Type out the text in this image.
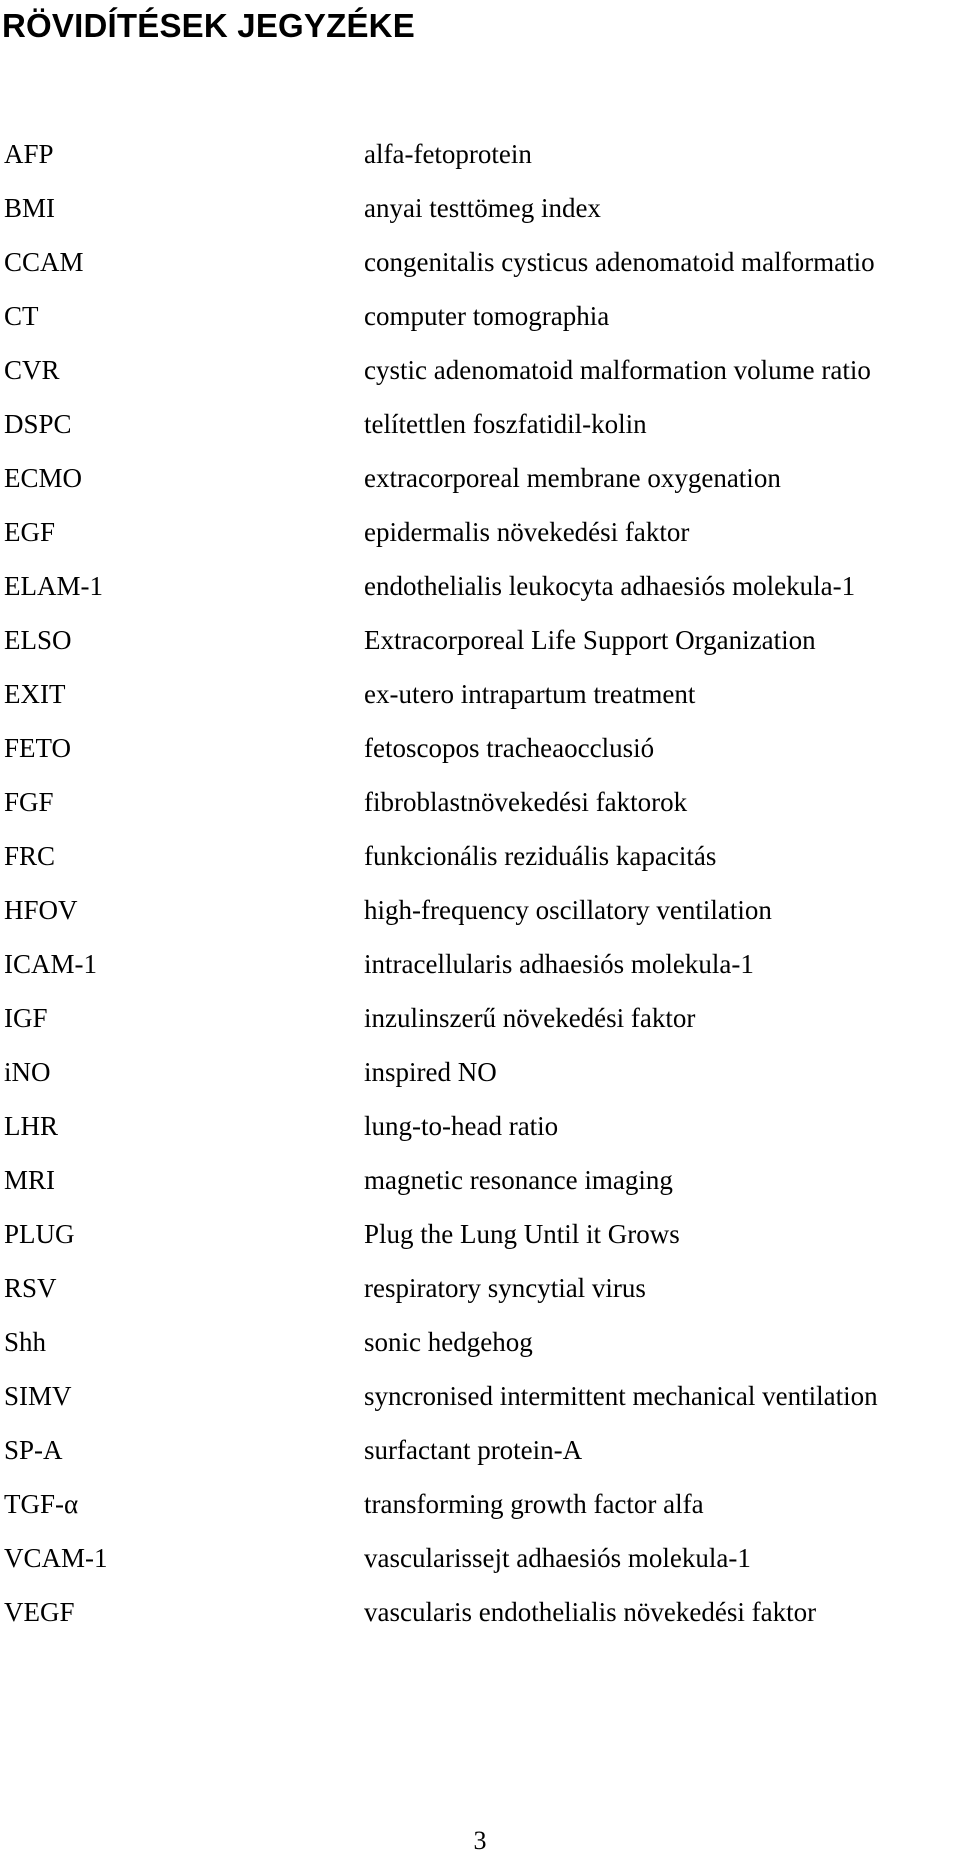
RÖVIDÍTÉSEK JEGYZÉKE
AFP	alfa-fetoprotein
BMI	anyai testtömeg index
CCAM	congenitalis cysticus adenomatoid malformatio
CT	computer tomographia
CVR	cystic adenomatoid malformation volume ratio
DSPC	telítettlen foszfatidil-kolin
ECMO	extracorporeal membrane oxygenation
EGF	epidermalis növekedési faktor
ELAM-1	endothelialis leukocyta adhaesiós molekula-1
ELSO	Extracorporeal Life Support Organization
EXIT	ex-utero intrapartum treatment
FETO	fetoscopos tracheaocclusió
FGF	fibroblastnövekedési faktorok
FRC	funkcionális reziduális kapacitás
HFOV	high-frequency oscillatory ventilation
ICAM-1	intracellularis adhaesiós molekula-1
IGF	inzulinszerű növekedési faktor
iNO	inspired NO
LHR	lung-to-head ratio
MRI	magnetic resonance imaging
PLUG	Plug the Lung Until it Grows
RSV	respiratory syncytial virus
Shh	sonic hedgehog
SIMV	syncronised intermittent mechanical ventilation
SP-A	surfactant protein-A
TGF-α	transforming growth factor alfa
VCAM-1	vascularissejt adhaesiós molekula-1
VEGF	vascularis endothelialis növekedési faktor
3
